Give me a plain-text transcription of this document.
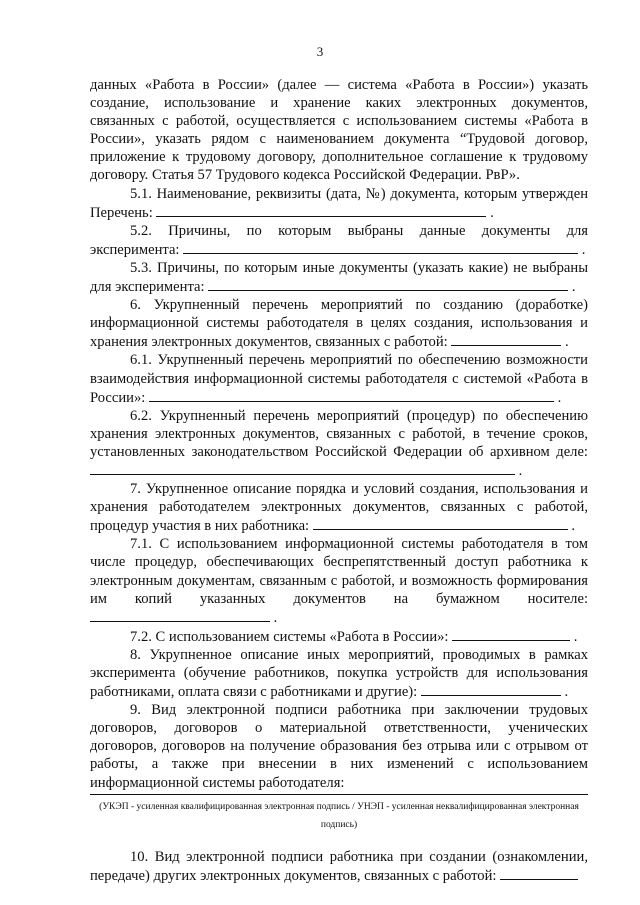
3

данных «Работа в России» (далее — система «Работа в России») указать создание, использование и хранение каких электронных документов, связанных с работой, осуществляется с использованием системы «Работа в России», указать рядом с наименованием документа “Трудовой договор, приложение к трудовому договору, дополнительное соглашение к трудовому договору. Статья 57 Трудового кодекса Российской Федерации. РвР».

5.1. Наименование, реквизиты (дата, №) документа, которым утвержден Перечень:	.

5.2. Причины, по которым выбраны данные документы для эксперимента:	.

5.3. Причины, по которым иные документы (указать какие) не выбраны для эксперимента:	.

6. Укрупненный перечень мероприятий по созданию (доработке) информационной системы работодателя в целях создания, использования и хранения электронных документов, связанных с работой:	.

6.1. Укрупненный перечень мероприятий по обеспечению возможности взаимодействия информационной системы работодателя с системой «Работа в России»:	.

6.2. Укрупненный перечень мероприятий (процедур) по обеспечению хранения электронных документов, связанных с работой, в течение сроков, установленных законодательством Российской Федерации об архивном деле:  .

7. Укрупненное описание порядка и условий создания, использования и хранения работодателем электронных документов, связанных с работой, процедур участия в них работника:	.

7.1. С использованием информационной системы работодателя в том числе процедур, обеспечивающих беспрепятственный доступ работника к электронным документам, связанным с работой, и возможность формирования им копий указанных документов на бумажном носителе:  .

7.2. С использованием системы «Работа в России»:	.

8. Укрупненное описание иных мероприятий, проводимых в рамках эксперимента (обучение работников, покупка устройств для использования работниками, оплата связи с работниками и другие):	.

9. Вид электронной подписи работника при заключении трудовых договоров, договоров о материальной ответственности, ученических договоров, договоров на получение образования без отрыва или с отрывом от работы, а также при внесении в них изменений с использованием информационной системы работодателя:

(УКЭП - усиленная квалифицированная электронная подпись / УНЭП - усиленная неквалифицированная электронная подпись)

10. Вид электронной подписи работника при создании (ознакомлении, передаче) других электронных документов, связанных с работой:
